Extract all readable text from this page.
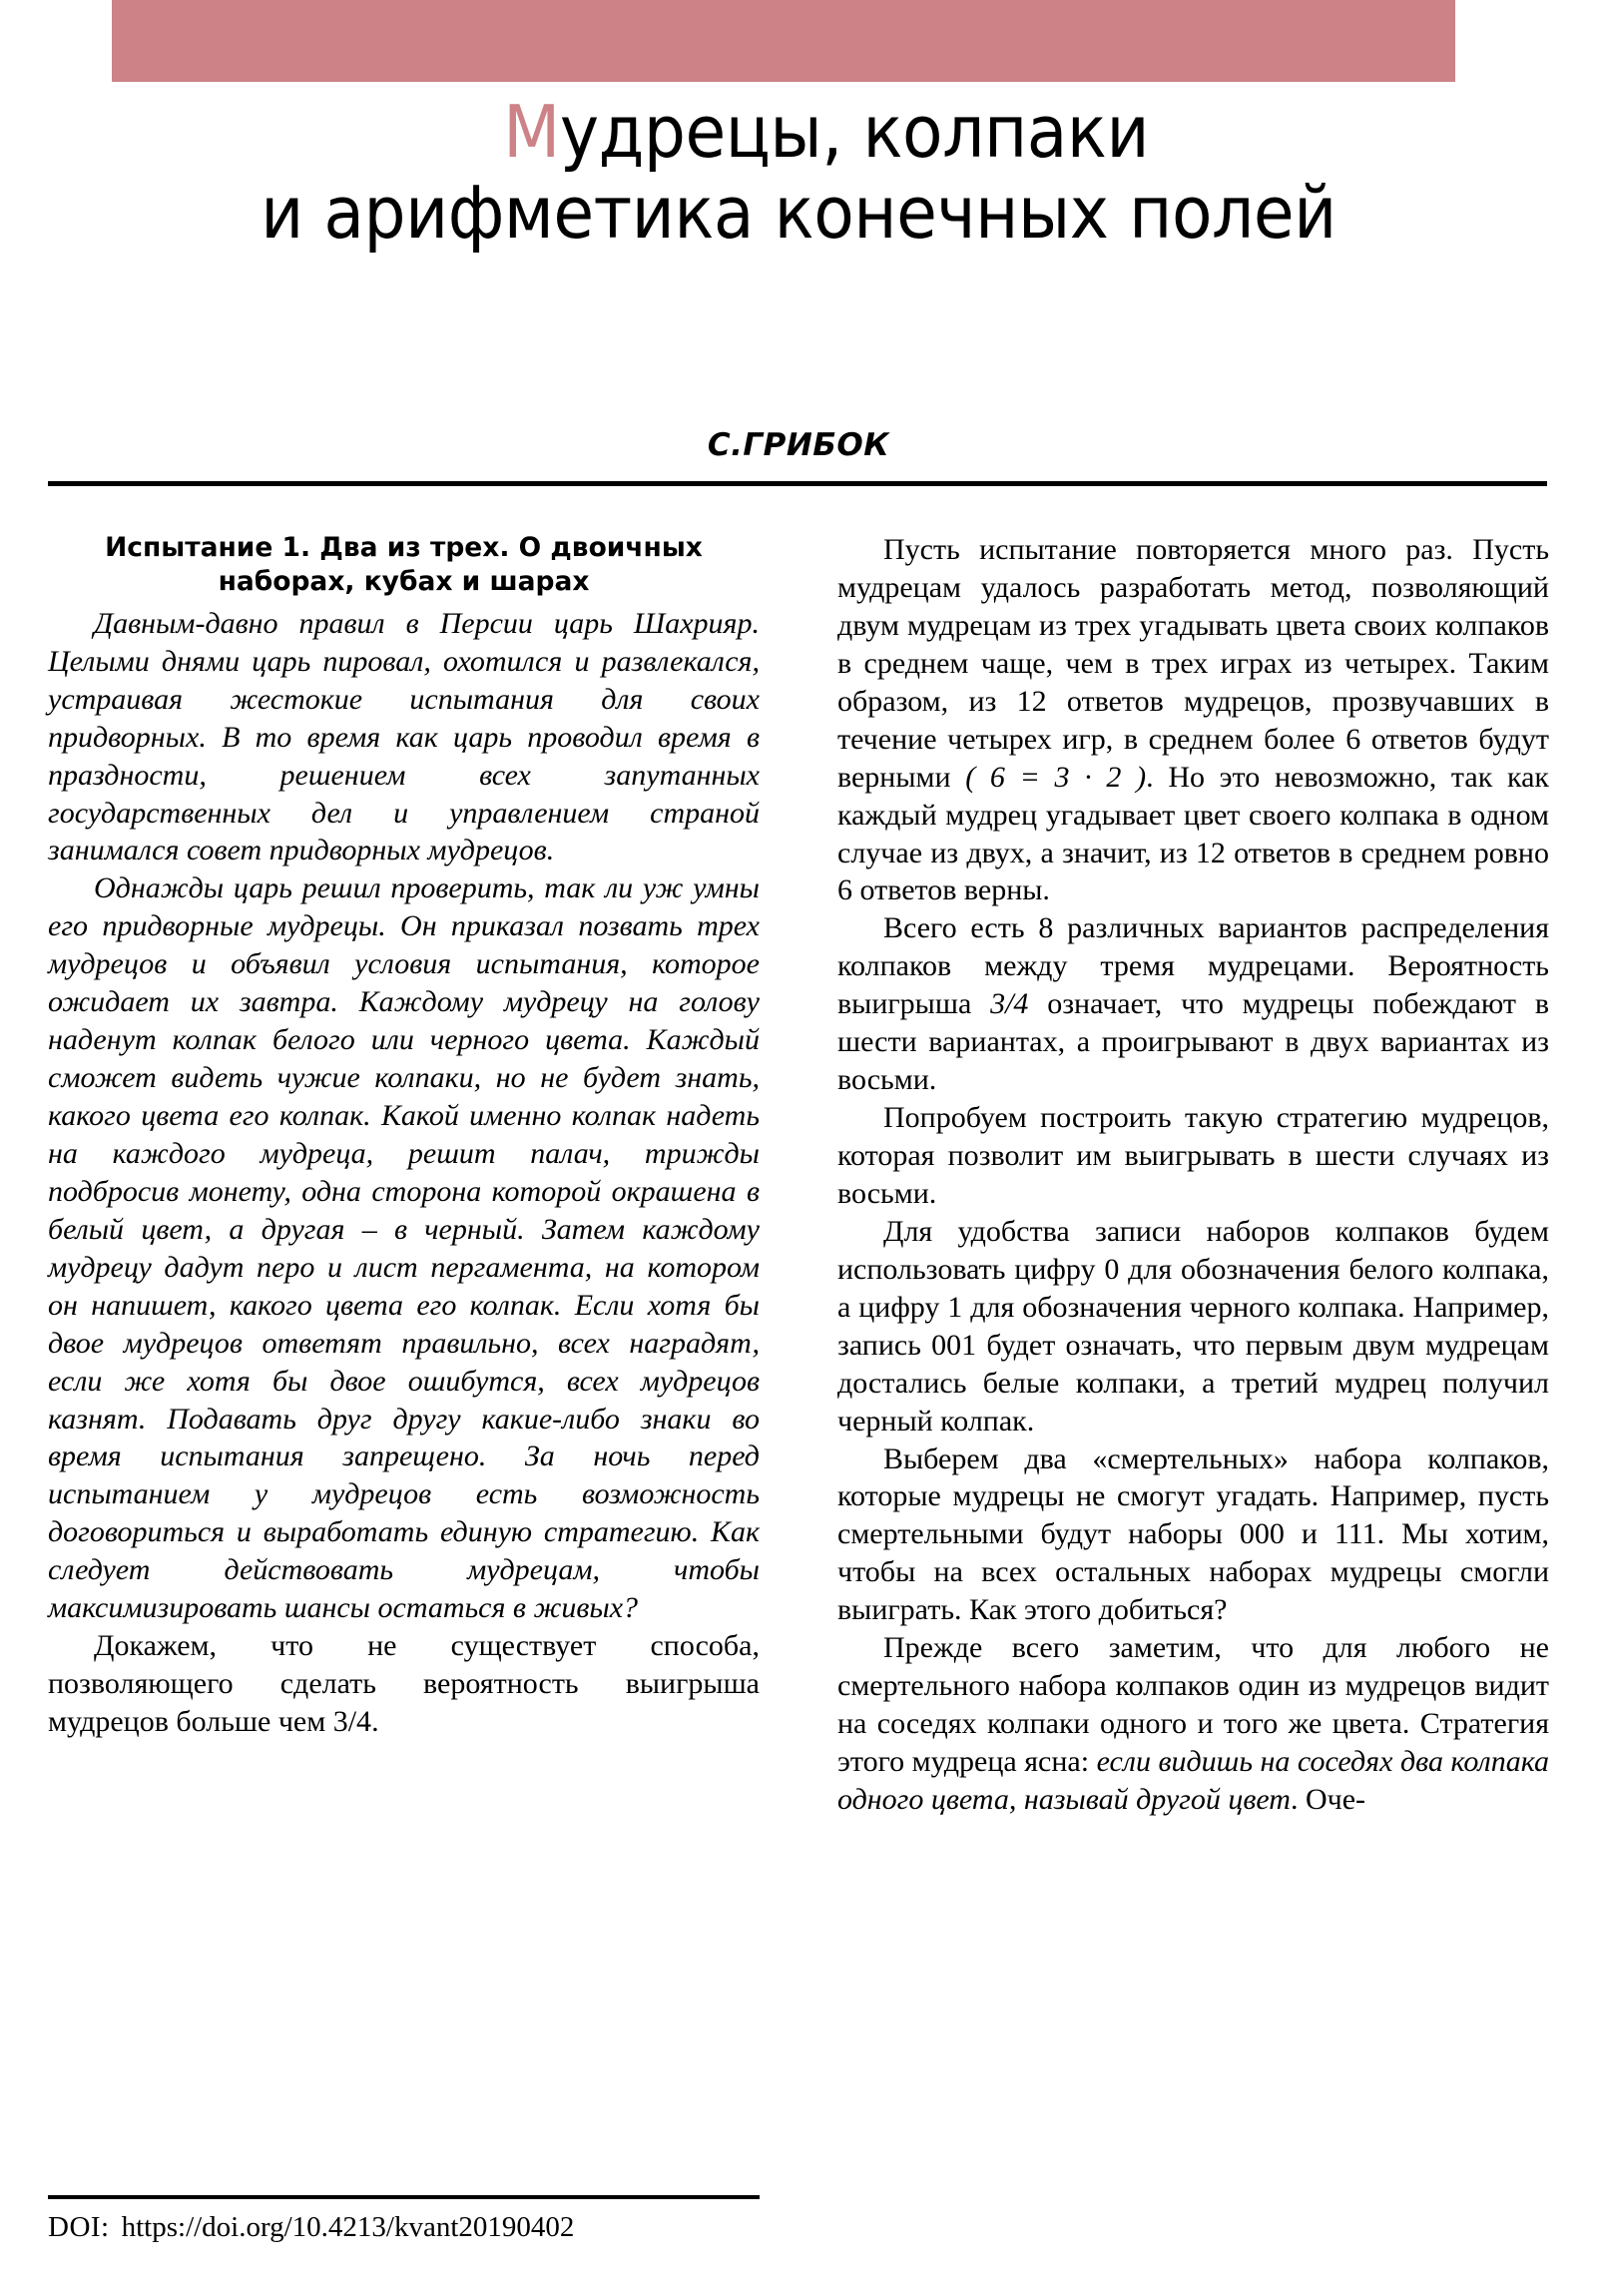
Мудрецы, колпаки
и арифметика конечных полей
С.ГРИБОК
Испытание 1. Два из трех. О двоичных наборах, кубах и шарах

Давным-давно правил в Персии царь Шахрияр. Целыми днями царь пировал, охотился и развлекался, устраивая жестокие испытания для своих придворных. В то время как царь проводил время в праздности, решением всех запутанных государственных дел и управлением страной занимался совет придворных мудрецов.

Однажды царь решил проверить, так ли уж умны его придворные мудрецы. Он приказал позвать трех мудрецов и объявил условия испытания, которое ожидает их завтра. Каждому мудрецу на голову наденут колпак белого или черного цвета. Каждый сможет видеть чужие колпаки, но не будет знать, какого цвета его колпак. Какой именно колпак надеть на каждого мудреца, решит палач, трижды подбросив монету, одна сторона которой окрашена в белый цвет, а другая – в черный. Затем каждому мудрецу дадут перо и лист пергамента, на котором он напишет, какого цвета его колпак. Если хотя бы двое мудрецов ответят правильно, всех наградят, если же хотя бы двое ошибутся, всех мудрецов казнят. Подавать друг другу какие-либо знаки во время испытания запрещено. За ночь перед испытанием у мудрецов есть возможность договориться и выработать единую стратегию. Как следует действовать мудрецам, чтобы максимизировать шансы остаться в живых?

Докажем, что не существует способа, позволяющего сделать вероятность выигрыша мудрецов больше чем 3/4.

Пусть испытание повторяется много раз. Пусть мудрецам удалось разработать метод, позволяющий двум мудрецам из трех угадывать цвета своих колпаков в среднем чаще, чем в трех играх из четырех. Таким образом, из 12 ответов мудрецов, прозвучавших в течение четырех игр, в среднем более 6 ответов будут верными ( 6 = 3 · 2 ). Но это невозможно, так как каждый мудрец угадывает цвет своего колпака в одном случае из двух, а значит, из 12 ответов в среднем ровно 6 ответов верны.

Всего есть 8 различных вариантов распределения колпаков между тремя мудрецами. Вероятность выигрыша 3/4 означает, что мудрецы побеждают в шести вариантах, а проигрывают в двух вариантах из восьми.

Попробуем построить такую стратегию мудрецов, которая позволит им выигрывать в шести случаях из восьми.

Для удобства записи наборов колпаков будем использовать цифру 0 для обозначения белого колпака, а цифру 1 для обозначения черного колпака. Например, запись 001 будет означать, что первым двум мудрецам достались белые колпаки, а третий мудрец получил черный колпак.

Выберем два «смертельных» набора колпаков, которые мудрецы не смогут угадать. Например, пусть смертельными будут наборы 000 и 111. Мы хотим, чтобы на всех остальных наборах мудрецы смогли выиграть. Как этого добиться?

Прежде всего заметим, что для любого не смертельного набора колпаков один из мудрецов видит на соседях колпаки одного и того же цвета. Стратегия этого мудреца ясна: если видишь на соседях два колпака одного цвета, называй другой цвет. Оче-

DOI: https://doi.org/10.4213/kvant20190402
